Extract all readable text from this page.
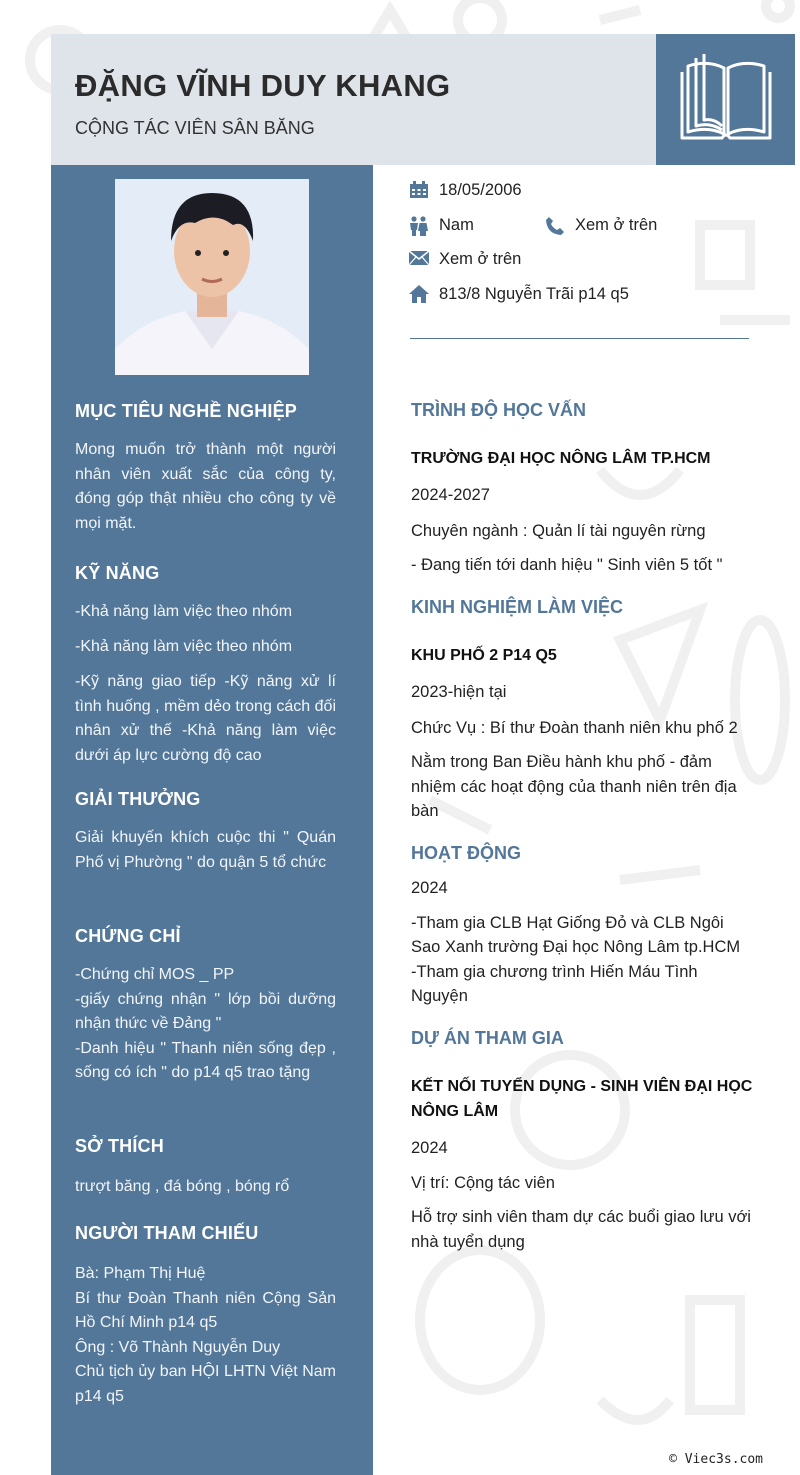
ĐẶNG VĨNH DUY KHANG

CỘNG TÁC VIÊN SÂN BĂNG

MỤC TIÊU NGHỀ NGHIỆP

Mong muốn trở thành một người nhân viên xuất sắc của công ty, đóng góp thật nhiều cho công ty về mọi mặt.

KỸ NĂNG

-Khả năng làm việc theo nhóm

-Khả năng làm việc theo nhóm

-Kỹ năng giao tiếp -Kỹ năng xử lí tình huống , mềm dẻo trong cách đối nhân xử thế -Khả năng làm việc dưới áp lực cường độ cao

GIẢI THƯỞNG

Giải khuyến khích cuộc thi " Quán Phố vị Phường " do quận 5 tổ chức

CHỨNG CHỈ

-Chứng chỉ MOS _ PP

-giấy chứng nhận " lớp bồi dưỡng nhận thức về Đảng "

-Danh hiệu " Thanh niên sống đẹp , sống có ích " do p14 q5 trao tặng

SỞ THÍCH

trượt băng , đá bóng , bóng rổ

NGƯỜI THAM CHIẾU

Bà: Phạm Thị Huệ

Bí thư Đoàn Thanh niên Cộng Sản Hồ Chí Minh p14 q5

Ông : Võ Thành Nguyễn Duy

Chủ tịch ủy ban HỘI LHTN Việt Nam p14 q5

18/05/2006
Nam	Xem ở trên
Xem ở trên
813/8 Nguyễn Trãi p14 q5
TRÌNH ĐỘ HỌC VẤN

TRƯỜNG ĐẠI HỌC NÔNG LÂM TP.HCM

2024-2027

Chuyên ngành : Quản lí tài nguyên rừng

- Đang tiến tới danh hiệu " Sinh viên 5 tốt "

KINH NGHIỆM LÀM VIỆC

KHU PHỐ 2 P14 Q5

2023-hiện tại

Chức Vụ : Bí thư Đoàn thanh niên khu phố 2

Nằm trong Ban Điều hành khu phố - đảm nhiệm các hoạt động của thanh niên trên địa bàn

HOẠT ĐỘNG

2024

-Tham gia CLB Hạt Giống Đỏ và CLB Ngôi Sao Xanh trường Đại học Nông Lâm tp.HCM

-Tham gia chương trình Hiến Máu Tình Nguyện

DỰ ÁN THAM GIA

KẾT NỐI TUYỂN DỤNG - SINH VIÊN ĐẠI HỌC NÔNG LÂM

2024

Vị trí: Cộng tác viên

Hỗ trợ sinh viên tham dự các buổi giao lưu với nhà tuyển dụng

© Viec3s.com
